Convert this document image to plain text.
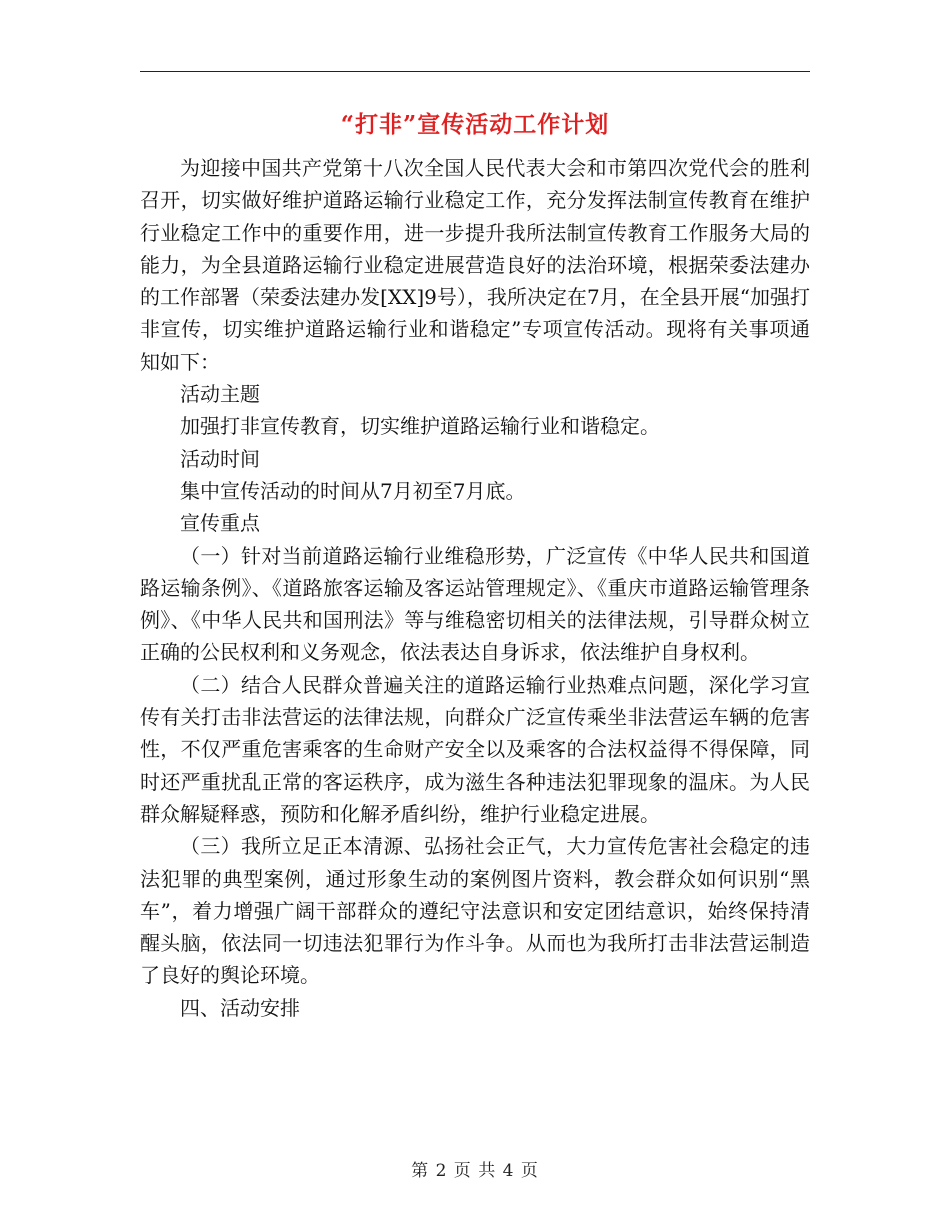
“打非”宣传活动工作计划

为迎接中国共产党第十八次全国人民代表大会和市第四次党代会的胜利召开，切实做好维护道路运输行业稳定工作，充分发挥法制宣传教育在维护行业稳定工作中的重要作用，进一步提升我所法制宣传教育工作服务大局的能力，为全县道路运输行业稳定进展营造良好的法治环境，根据荣委法建办的工作部署（荣委法建办发[XX]9号），我所决定在7月，在全县开展“加强打非宣传，切实维护道路运输行业和谐稳定”专项宣传活动。现将有关事项通知如下：

活动主题

加强打非宣传教育，切实维护道路运输行业和谐稳定。

活动时间

集中宣传活动的时间从7月初至7月底。

宣传重点

（一）针对当前道路运输行业维稳形势，广泛宣传《中华人民共和国道路运输条例》、《道路旅客运输及客运站管理规定》、《重庆市道路运输管理条例》、《中华人民共和国刑法》等与维稳密切相关的法律法规，引导群众树立正确的公民权利和义务观念，依法表达自身诉求，依法维护自身权利。

（二）结合人民群众普遍关注的道路运输行业热难点问题，深化学习宣传有关打击非法营运的法律法规，向群众广泛宣传乘坐非法营运车辆的危害性，不仅严重危害乘客的生命财产安全以及乘客的合法权益得不得保障，同时还严重扰乱正常的客运秩序，成为滋生各种违法犯罪现象的温床。为人民群众解疑释惑，预防和化解矛盾纠纷，维护行业稳定进展。

（三）我所立足正本清源、弘扬社会正气，大力宣传危害社会稳定的违法犯罪的典型案例，通过形象生动的案例图片资料，教会群众如何识别“黑车”，着力增强广阔干部群众的遵纪守法意识和安定团结意识，始终保持清醒头脑，依法同一切违法犯罪行为作斗争。从而也为我所打击非法营运制造了良好的舆论环境。

四、活动安排

第 2 页 共 4 页
